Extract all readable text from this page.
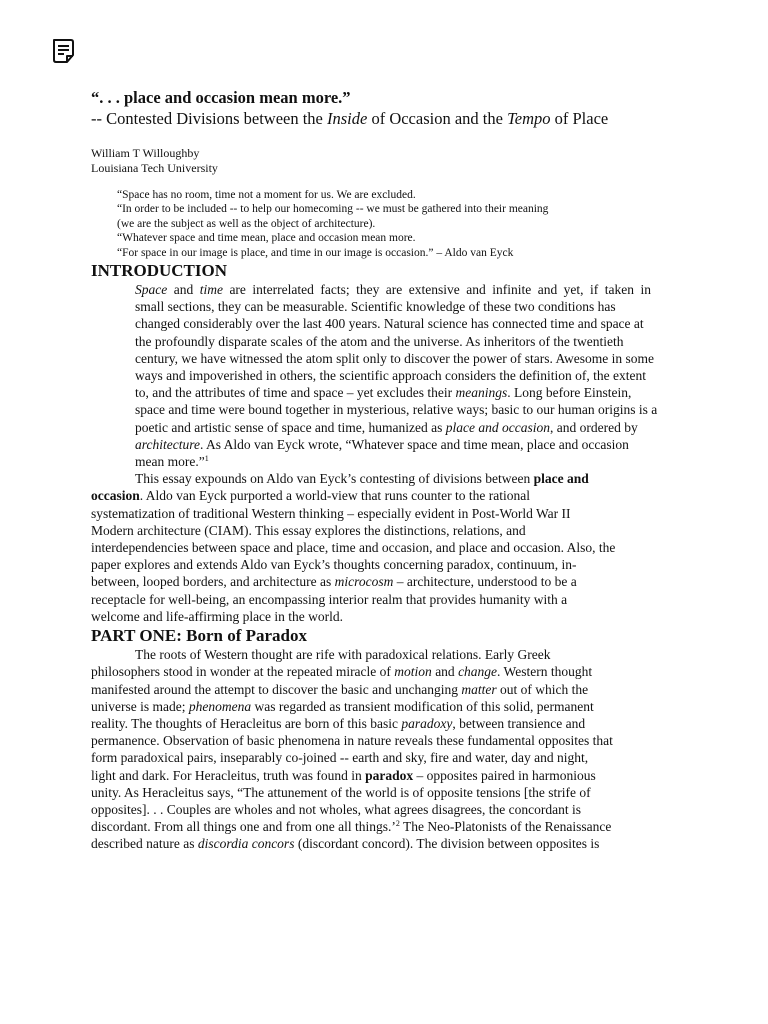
“. . . place and occasion mean more.”
-- Contested Divisions between the Inside of Occasion and the Tempo of Place
William T Willoughby
Louisiana Tech University
“Space has no room, time not a moment for us. We are excluded.
“In order to be included -- to help our homecoming -- we must be gathered into their meaning
(we are the subject as well as the object of architecture).
“Whatever space and time mean, place and occasion mean more.
“For space in our image is place, and time in our image is occasion.” – Aldo van Eyck
INTRODUCTION

Space and time are interrelated facts; they are extensive and infinite and yet, if taken in
small sections, they can be measurable. Scientific knowledge of these two conditions has
changed considerably over the last 400 years. Natural science has connected time and space at
the profoundly disparate scales of the atom and the universe. As inheritors of the twentieth
century, we have witnessed the atom split only to discover the power of stars. Awesome in some
ways and impoverished in others, the scientific approach considers the definition of, the extent
to, and the attributes of time and space – yet excludes their meanings. Long before Einstein,
space and time were bound together in mysterious, relative ways; basic to our human origins is a
poetic and artistic sense of space and time, humanized as place and occasion, and ordered by
architecture. As Aldo van Eyck wrote, “Whatever space and time mean, place and occasion
mean more.”$^1$

This essay expounds on Aldo van Eyck’s contesting of divisions between place and
occasion. Aldo van Eyck purported a world-view that runs counter to the rational
systematization of traditional Western thinking – especially evident in Post-World War II
Modern architecture (CIAM). This essay explores the distinctions, relations, and
interdependencies between space and place, time and occasion, and place and occasion. Also, the
paper explores and extends Aldo van Eyck’s thoughts concerning paradox, continuum, in-
between, looped borders, and architecture as microcosm – architecture, understood to be a
receptacle for well-being, an encompassing interior realm that provides humanity with a
welcome and life-affirming place in the world.

PART ONE: Born of Paradox

The roots of Western thought are rife with paradoxical relations. Early Greek
philosophers stood in wonder at the repeated miracle of motion and change. Western thought
manifested around the attempt to discover the basic and unchanging matter out of which the
universe is made; phenomena was regarded as transient modification of this solid, permanent
reality. The thoughts of Heracleitus are born of this basic paradoxy, between transience and
permanence. Observation of basic phenomena in nature reveals these fundamental opposites that
form paradoxical pairs, inseparably co-joined -- earth and sky, fire and water, day and night,
light and dark. For Heracleitus, truth was found in paradox – opposites paired in harmonious
unity. As Heracleitus says, “The attunement of the world is of opposite tensions [the strife of
opposites]. . . Couples are wholes and not wholes, what agrees disagrees, the concordant is
discordant. From all things one and from one all things.’$^2$ The Neo-Platonists of the Renaissance
described nature as discordia concors (discordant concord). The division between opposites is
